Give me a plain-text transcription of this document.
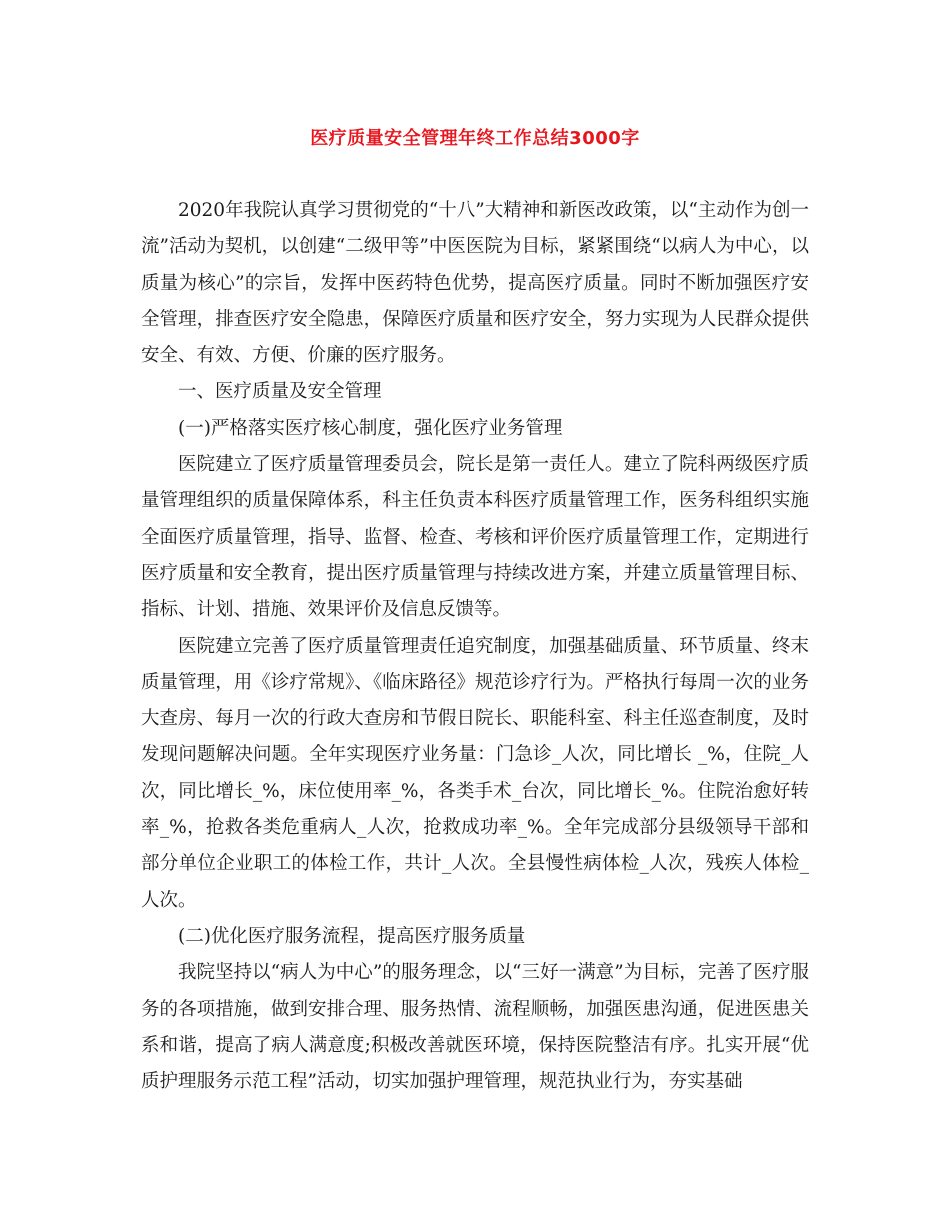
医疗质量安全管理年终工作总结3000字

2020年我院认真学习贯彻党的“十八”大精神和新医改政策，以“主动作为创一流”活动为契机，以创建“二级甲等”中医医院为目标，紧紧围绕“以病人为中心，以质量为核心”的宗旨，发挥中医药特色优势，提高医疗质量。同时不断加强医疗安全管理，排查医疗安全隐患，保障医疗质量和医疗安全，努力实现为人民群众提供安全、有效、方便、价廉的医疗服务。

一、医疗质量及安全管理

(一)严格落实医疗核心制度，强化医疗业务管理

医院建立了医疗质量管理委员会，院长是第一责任人。建立了院科两级医疗质量管理组织的质量保障体系，科主任负责本科医疗质量管理工作，医务科组织实施全面医疗质量管理，指导、监督、检查、考核和评价医疗质量管理工作，定期进行医疗质量和安全教育，提出医疗质量管理与持续改进方案，并建立质量管理目标、指标、计划、措施、效果评价及信息反馈等。

医院建立完善了医疗质量管理责任追究制度，加强基础质量、环节质量、终末质量管理，用《诊疗常规》、《临床路径》规范诊疗行为。严格执行每周一次的业务大查房、每月一次的行政大查房和节假日院长、职能科室、科主任巡查制度，及时发现问题解决问题。全年实现医疗业务量：门急诊_人次，同比增长 _%，住院_人次，同比增长_%，床位使用率_%，各类手术_台次，同比增长_%。住院治愈好转率_%，抢救各类危重病人_人次，抢救成功率_%。全年完成部分县级领导干部和部分单位企业职工的体检工作，共计_人次。全县慢性病体检_人次，残疾人体检_人次。

(二)优化医疗服务流程，提高医疗服务质量

我院坚持以“病人为中心”的服务理念，以“三好一满意”为目标，完善了医疗服务的各项措施，做到安排合理、服务热情、流程顺畅，加强医患沟通，促进医患关系和谐，提高了病人满意度;积极改善就医环境，保持医院整洁有序。扎实开展“优质护理服务示范工程”活动，切实加强护理管理，规范执业行为，夯实基础
